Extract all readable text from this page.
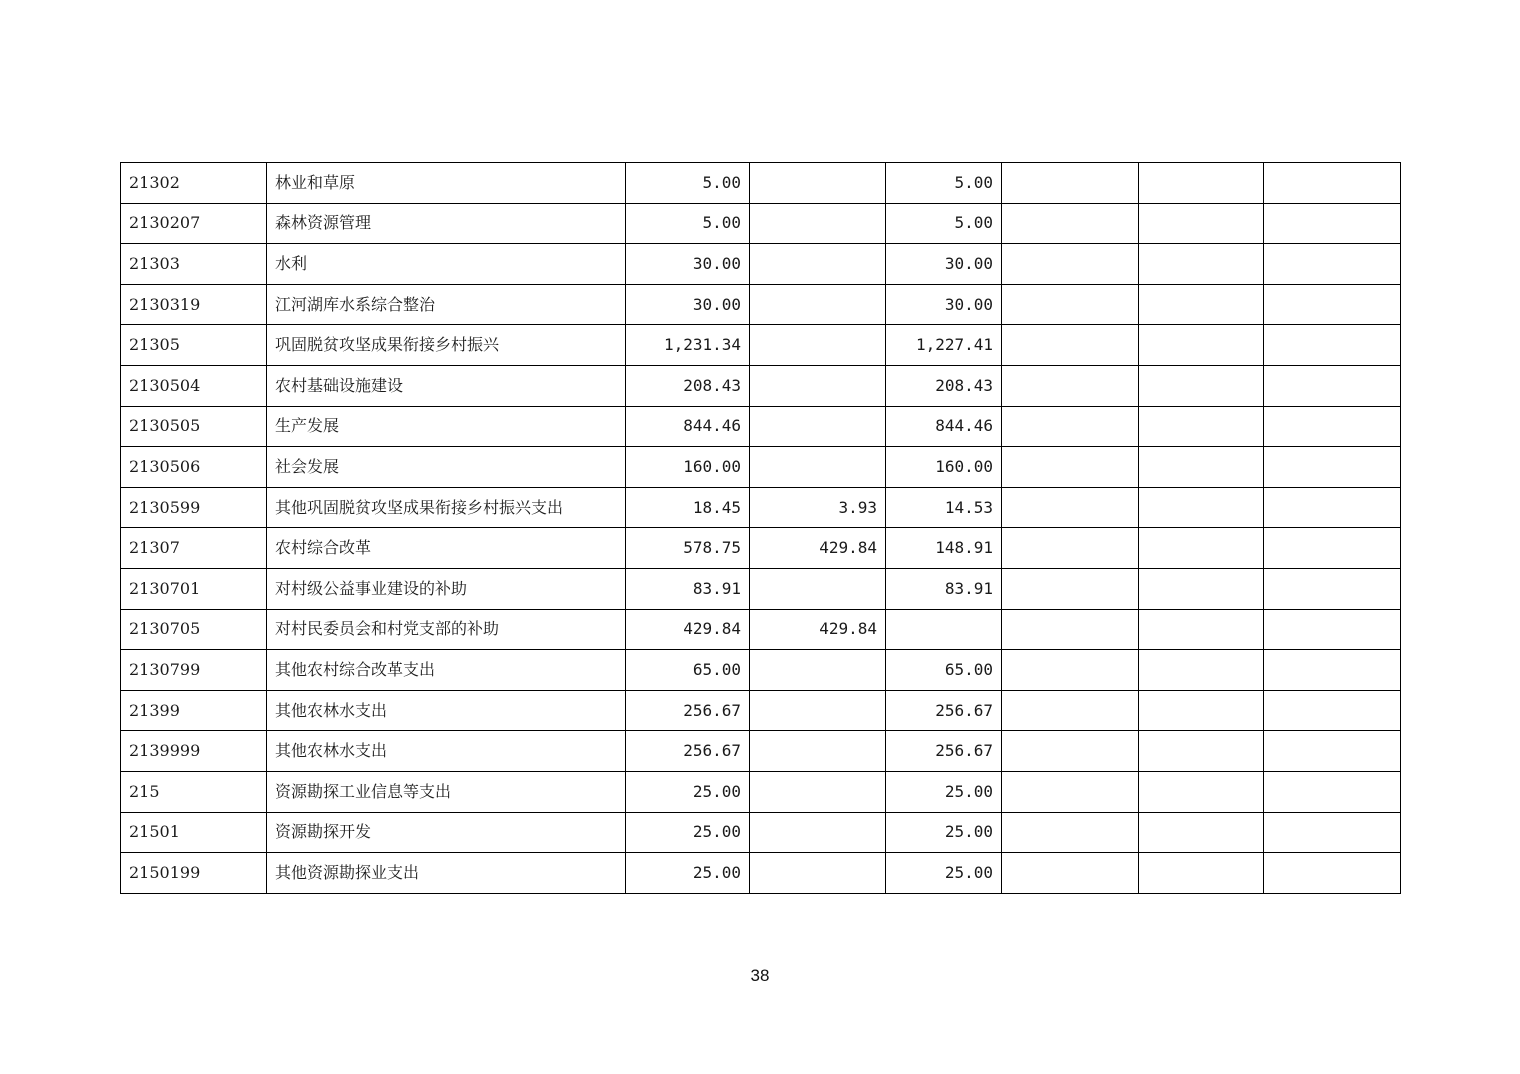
21302	林业和草原	5.00		5.00			
2130207	森林资源管理	5.00		5.00			
21303	水利	30.00		30.00			
2130319	江河湖库水系综合整治	30.00		30.00			
21305	巩固脱贫攻坚成果衔接乡村振兴	1,231.34		1,227.41			
2130504	农村基础设施建设	208.43		208.43			
2130505	生产发展	844.46		844.46			
2130506	社会发展	160.00		160.00			
2130599	其他巩固脱贫攻坚成果衔接乡村振兴支出	18.45	3.93	14.53			
21307	农村综合改革	578.75	429.84	148.91			
2130701	对村级公益事业建设的补助	83.91		83.91			
2130705	对村民委员会和村党支部的补助	429.84	429.84				
2130799	其他农村综合改革支出	65.00		65.00			
21399	其他农林水支出	256.67		256.67			
2139999	其他农林水支出	256.67		256.67			
215	资源勘探工业信息等支出	25.00		25.00			
21501	资源勘探开发	25.00		25.00			
2150199	其他资源勘探业支出	25.00		25.00			
38
